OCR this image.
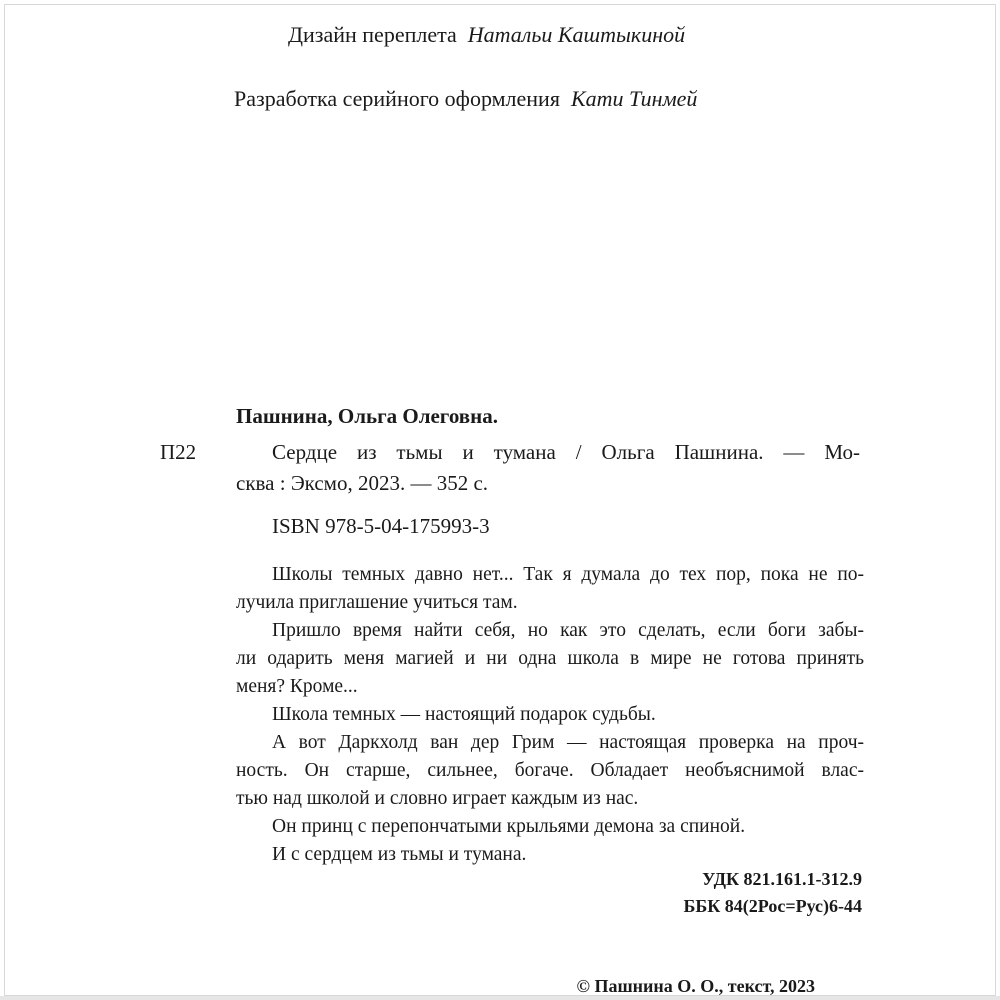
Дизайн переплета Натальи Каштыкиной
Разработка серийного оформления Кати Тинмей
Пашнина, Ольга Олеговна.
П22	Сердце из тьмы и тумана / Ольга Пашнина. — Мо-
сква : Эксмо, 2023. — 352 с.
ISBN 978-5-04-175993-3
Школы темных давно нет... Так я думала до тех пор, пока не по-
лучила приглашение учиться там.
Пришло время найти себя, но как это сделать, если боги забы-
ли одарить меня магией и ни одна школа в мире не готова принять
меня? Кроме...
Школа темных — настоящий подарок судьбы.
А вот Даркхолд ван дер Грим — настоящая проверка на проч-
ность. Он старше, сильнее, богаче. Обладает необъяснимой влас-
тью над школой и словно играет каждым из нас.
Он принц с перепончатыми крыльями демона за спиной.
И с сердцем из тьмы и тумана.
УДК 821.161.1-312.9
ББК 84(2Рос=Рус)6-44
© Пашнина О. О., текст, 2023
